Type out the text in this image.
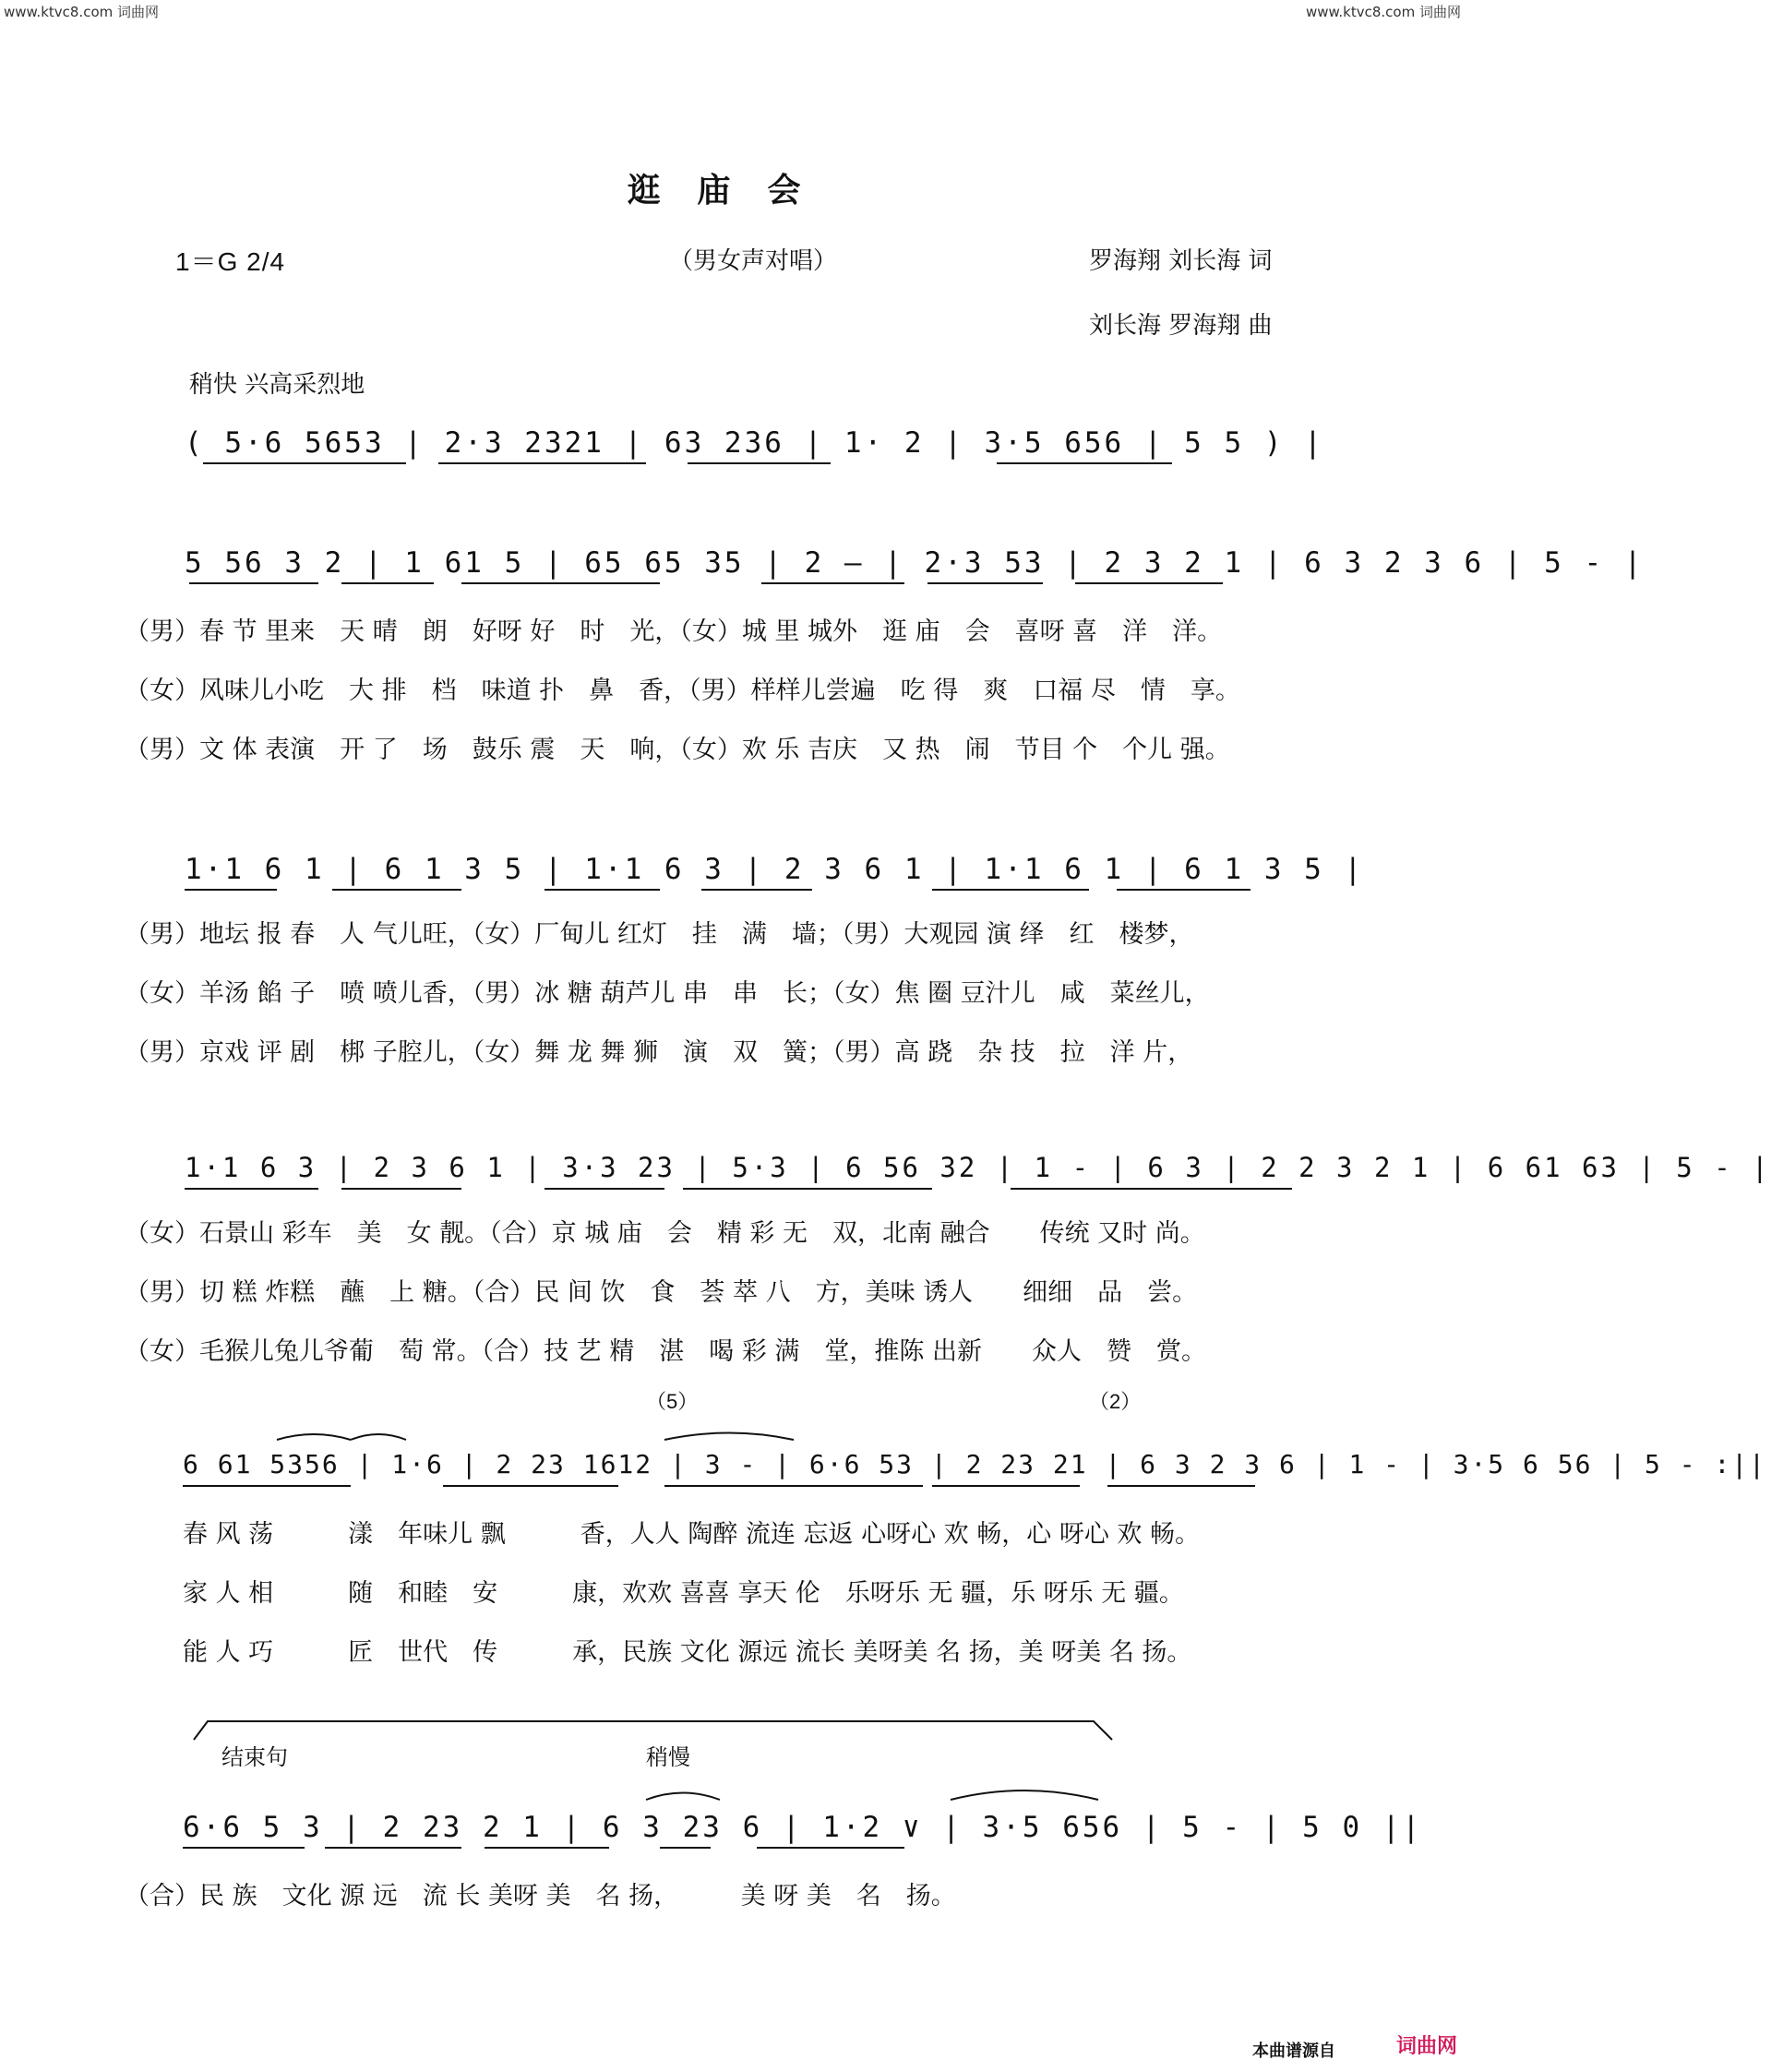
www.ktvc8.com 词曲网	www.ktvc8.com 词曲网
逛庙会
1＝G 2/4	（男女声对唱）	罗海翔 刘长海 词
刘长海 罗海翔 曲
稍快 兴高采烈地
( 5·6 5653 | 2·3 2321 | 63 236 | 1· 2 | 3·5 656 | 5 5 ) |
5 56 3 2 | 1 61 5 | 65 65 35 | 2 – | 2·3 53 | 2 3 2 1 | 6 3 2 3 6 | 5 - |
（男）春 节 里来　天 晴　朗　好呀 好　时　光，（女）城 里 城外　逛 庙　会　喜呀 喜　洋　洋。
（女）风味儿小吃　大 排　档　味道 扑　鼻　香，（男）样样儿尝遍　吃 得　爽　口福 尽　情　享。
（男）文 体 表演　开 了　场　鼓乐 震　天　响，（女）欢 乐 吉庆　又 热　闹　节目 个　个儿 强。
1·1 6 1 | 6 1 3 5 | 1·1 6 3 | 2 3 6 1 | 1·1 6 1 | 6 1 3 5 |
（男）地坛 报 春　人 气儿旺，（女）厂甸儿 红灯　挂　满　墙；（男）大观园 演 绎　红　楼梦，
（女）羊汤 餡 子　喷 喷儿香，（男）冰 糖 葫芦儿 串　串　长；（女）焦 圈 豆汁儿　咸　菜丝儿，
（男）京戏 评 剧　梆 子腔儿，（女）舞 龙 舞 狮　演　双　簧；（男）高 跷　杂 技　拉　洋 片，
1·1 6 3 | 2 3 6 1 | 3·3 23 | 5·3 | 6 56 32 | 1 - | 6 3 | 2 2 3 2 1 | 6 61 63 | 5 - |
（女）石景山 彩车　美　女 靓。（合）京 城 庙　会　精 彩 无　双，北南 融合　　传统 又时 尚。
（男）切 糕 炸糕　蘸　上 糖。（合）民 间 饮　食　荟 萃 八　方，美味 诱人　　细细　品　尝。
（女）毛猴儿兔儿爷葡　萄 常。（合）技 艺 精　湛　喝 彩 满　堂，推陈 出新　　众人　赞　赏。
（5）	（2）
6 61 5356 | 1·6 | 2 23 1612 | 3 - | 6·6 53 | 2 23 21 | 6 3 2 3 6 | 1 - | 3·5 6 56 | 5 - :||
春 风 荡　　　漾　年味儿 飘　　　香，人人 陶醉 流连 忘返 心呀心 欢 畅，心 呀心 欢 畅。
家 人 相　　　随　和睦　安　　　康，欢欢 喜喜 享天 伦　乐呀乐 无 疆，乐 呀乐 无 疆。
能 人 巧　　　匠　世代　传　　　承，民族 文化 源远 流长 美呀美 名 扬，美 呀美 名 扬。
结束句	稍慢
6·6 5 3 | 2 23 2 1 | 6 3 23 6 | 1·2 ∨ | 3·5 656 | 5 - | 5 0 ||
（合）民 族　文化 源 远　流 长 美呀 美　名 扬，　　　美 呀 美　名　扬。
本曲谱源自	词曲网
